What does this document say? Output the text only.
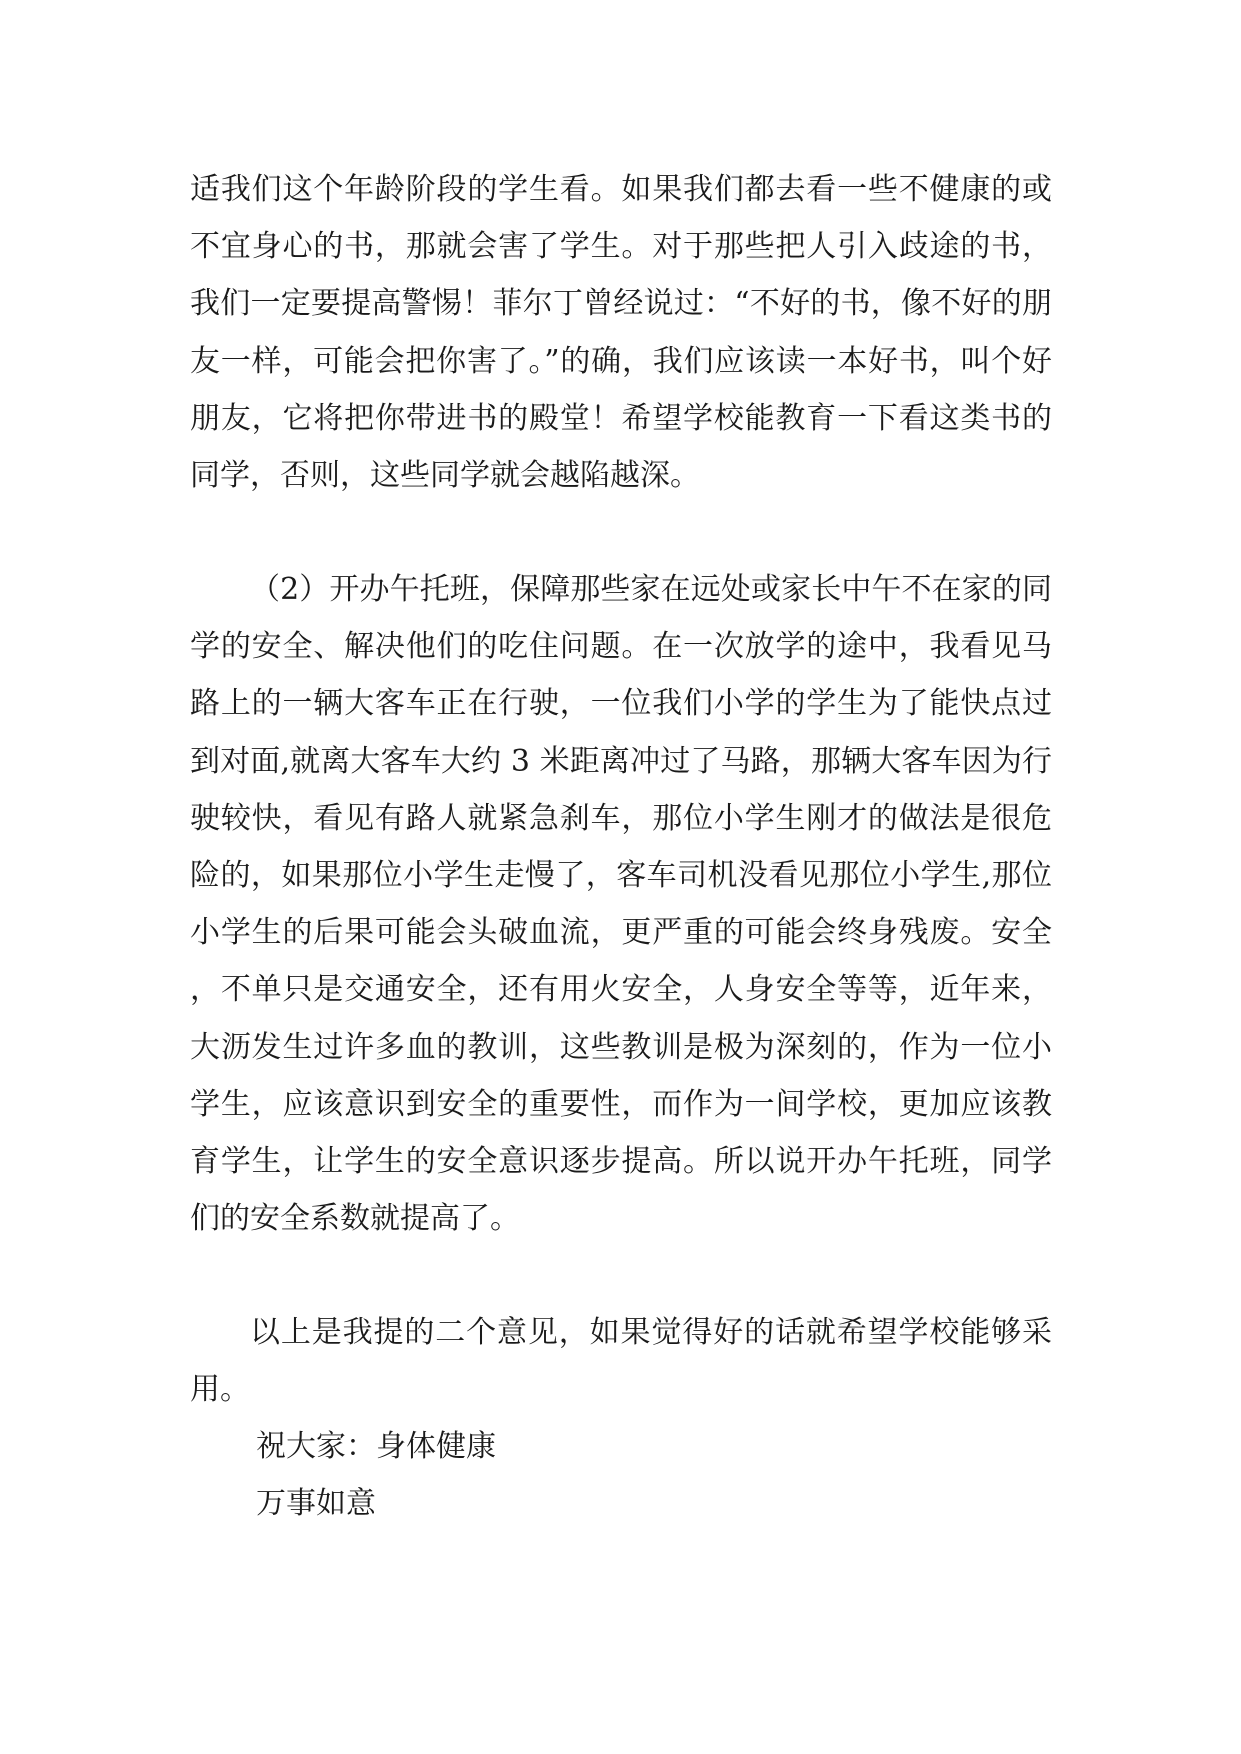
适我们这个年龄阶段的学生看。如果我们都去看一些不健康的或不宜身心的书，那就会害了学生。对于那些把人引入歧途的书，我们一定要提高警惕！菲尔丁曾经说过：“不好的书，像不好的朋友一样，可能会把你害了。”的确，我们应该读一本好书，叫个好朋友，它将把你带进书的殿堂！希望学校能教育一下看这类书的同学，否则，这些同学就会越陷越深。

（2）开办午托班，保障那些家在远处或家长中午不在家的同学的安全、解决他们的吃住问题。在一次放学的途中，我看见马路上的一辆大客车正在行驶，一位我们小学的学生为了能快点过到对面,就离大客车大约 3 米距离冲过了马路，那辆大客车因为行驶较快，看见有路人就紧急刹车，那位小学生刚才的做法是很危险的，如果那位小学生走慢了，客车司机没看见那位小学生,那位小学生的后果可能会头破血流，更严重的可能会终身残废。安全，不单只是交通安全，还有用火安全，人身安全等等，近年来，大沥发生过许多血的教训，这些教训是极为深刻的，作为一位小学生，应该意识到安全的重要性，而作为一间学校，更加应该教育学生，让学生的安全意识逐步提高。所以说开办午托班，同学们的安全系数就提高了。

以上是我提的二个意见，如果觉得好的话就希望学校能够采用。

祝大家：身体健康

万事如意
